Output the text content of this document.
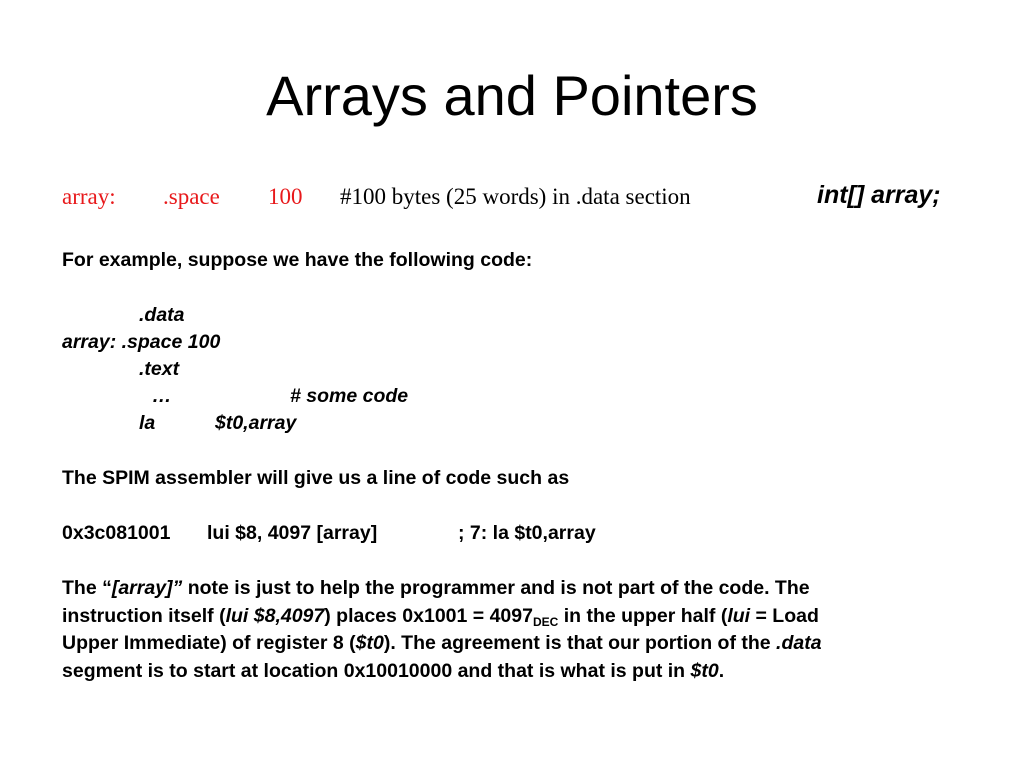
Arrays and Pointers
array: .space 100 #100 bytes (25 words) in .data section	int[] array;
For example, suppose we have the following code:
.data
array: .space 100
.text
…	# some code
la	$t0,array
The SPIM assembler will give us a line of code such as
0x3c081001 lui $8, 4097 [array]	; 7: la $t0,array
The “[array]” note is just to help the programmer and is not part of the code. The
instruction itself (lui $8,4097) places $0x1001 = 4097_{DEC}$ in the upper half (lui = Load
Upper Immediate) of register 8 ($t0). The agreement is that our portion of the .data
segment is to start at location 0x10010000 and that is what is put in $t0.
